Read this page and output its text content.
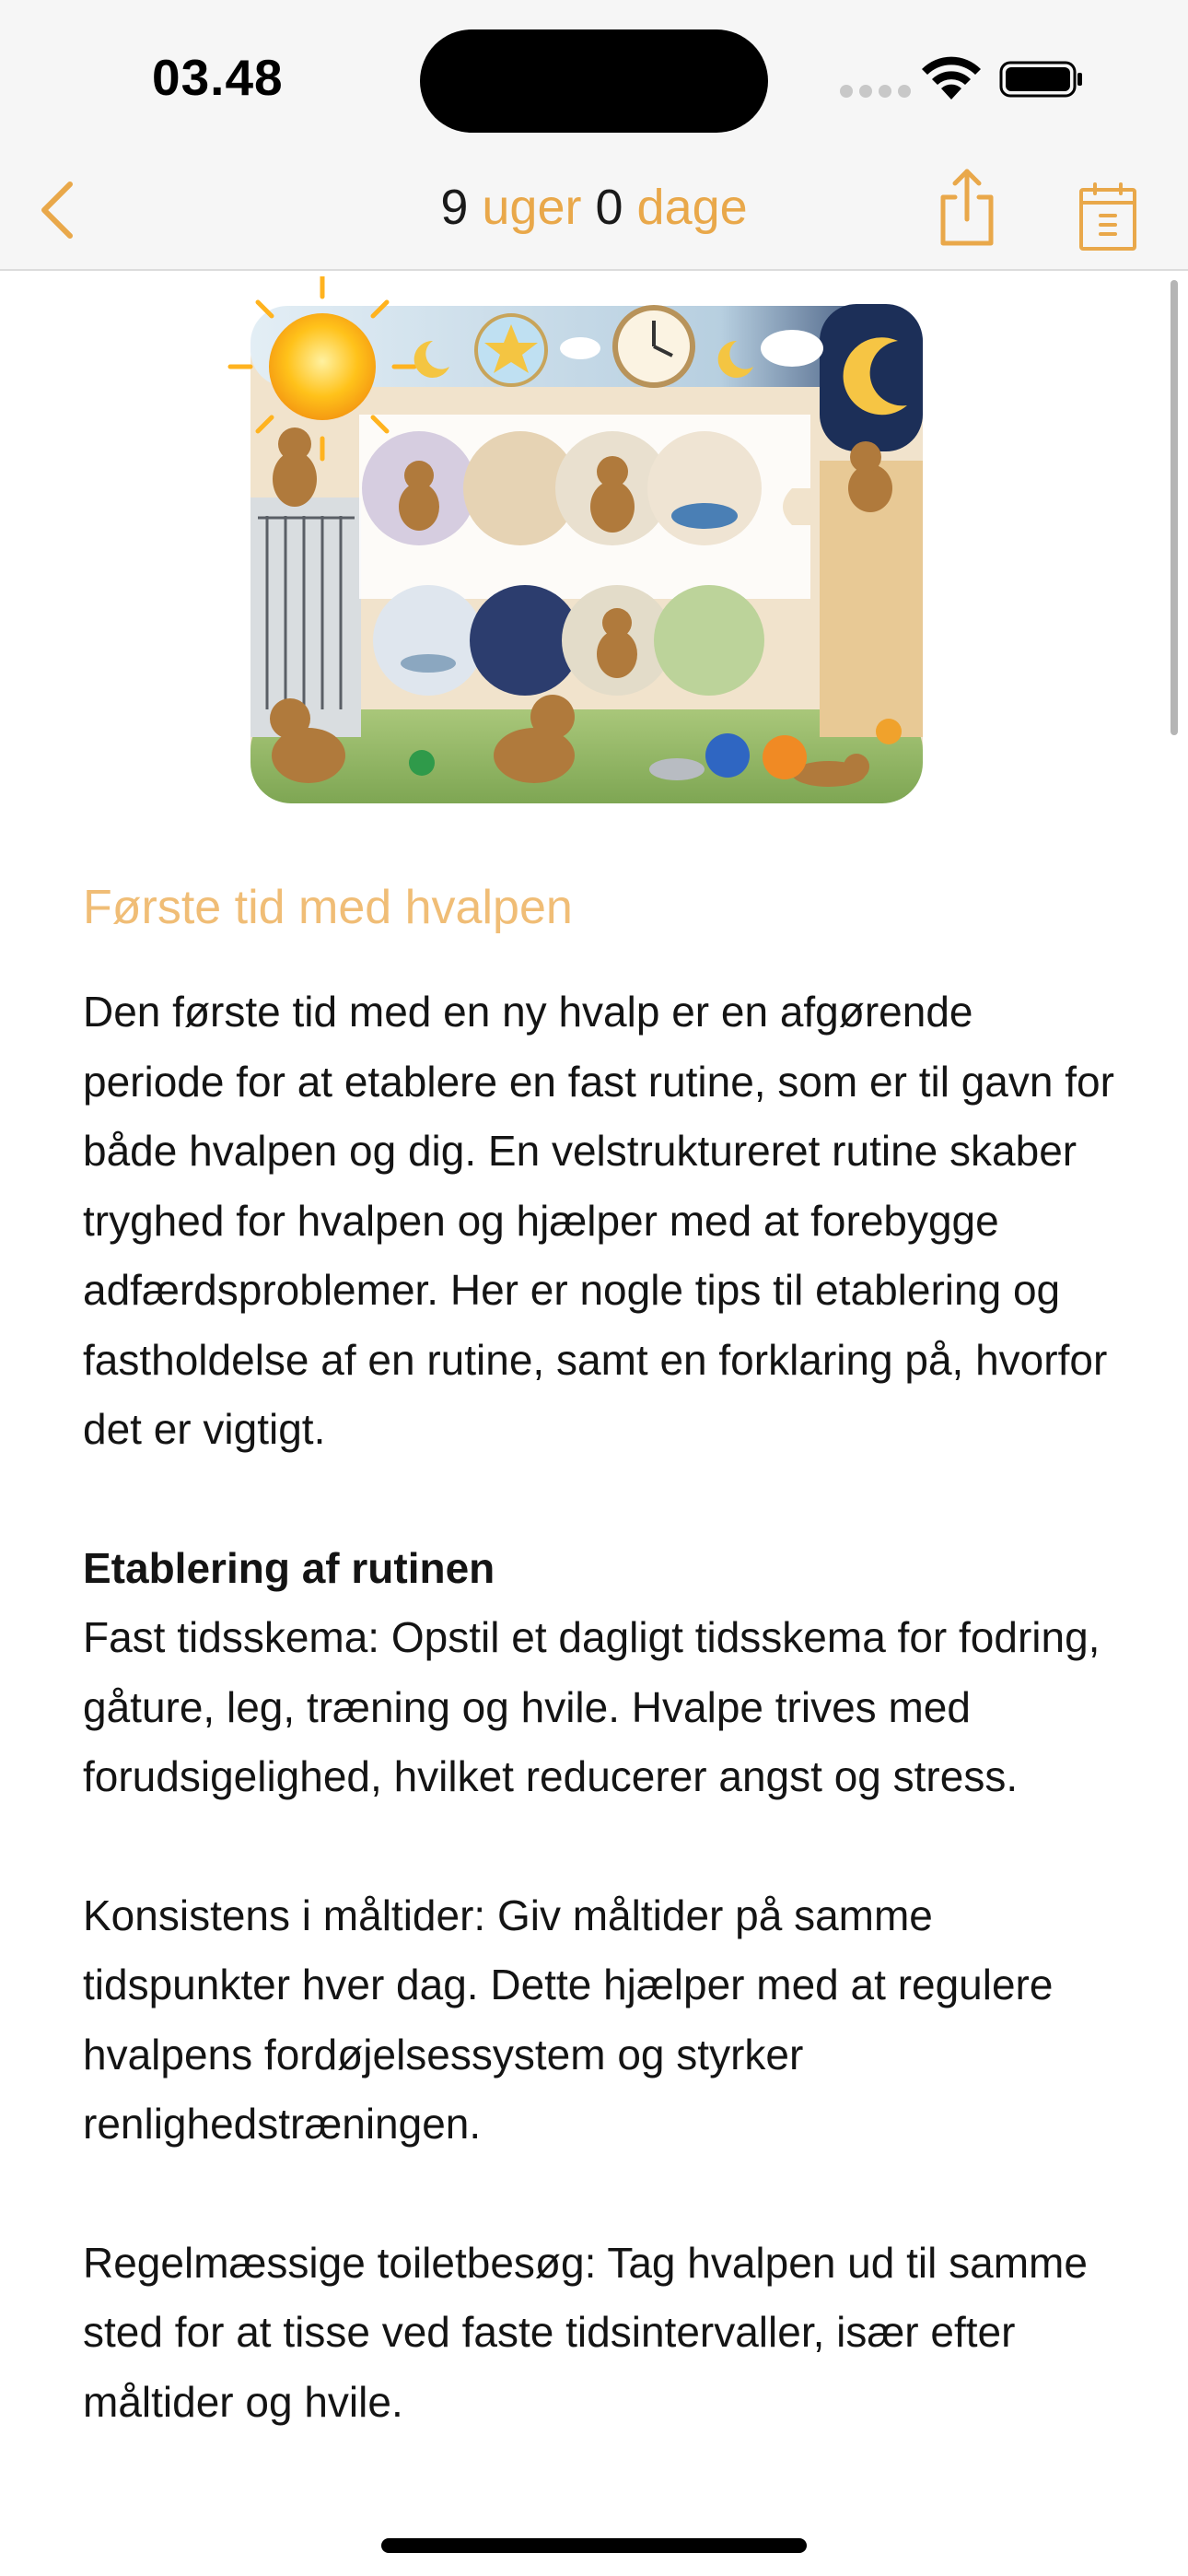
03.48
9 uger 0 dage
Første tid med hvalpen
Den første tid med en ny hvalp er en afgørende periode for at etablere en fast rutine, som er til gavn for både hvalpen og dig. En velstruktureret rutine skaber tryghed for hvalpen og hjælper med at forebygge adfærdsproblemer. Her er nogle tips til etablering og fastholdelse af en rutine, samt en forklaring på, hvorfor det er vigtigt.
Etablering af rutinen
Fast tidsskema: Opstil et dagligt tidsskema for fodring, gåture, leg, træning og hvile. Hvalpe trives med forudsigelighed, hvilket reducerer angst og stress.
Konsistens i måltider: Giv måltider på samme tidspunkter hver dag. Dette hjælper med at regulere hvalpens fordøjelsessystem og styrker renlighedstræningen.
Regelmæssige toiletbesøg: Tag hvalpen ud til samme sted for at tisse ved faste tidsintervaller, især efter måltider og hvile.
